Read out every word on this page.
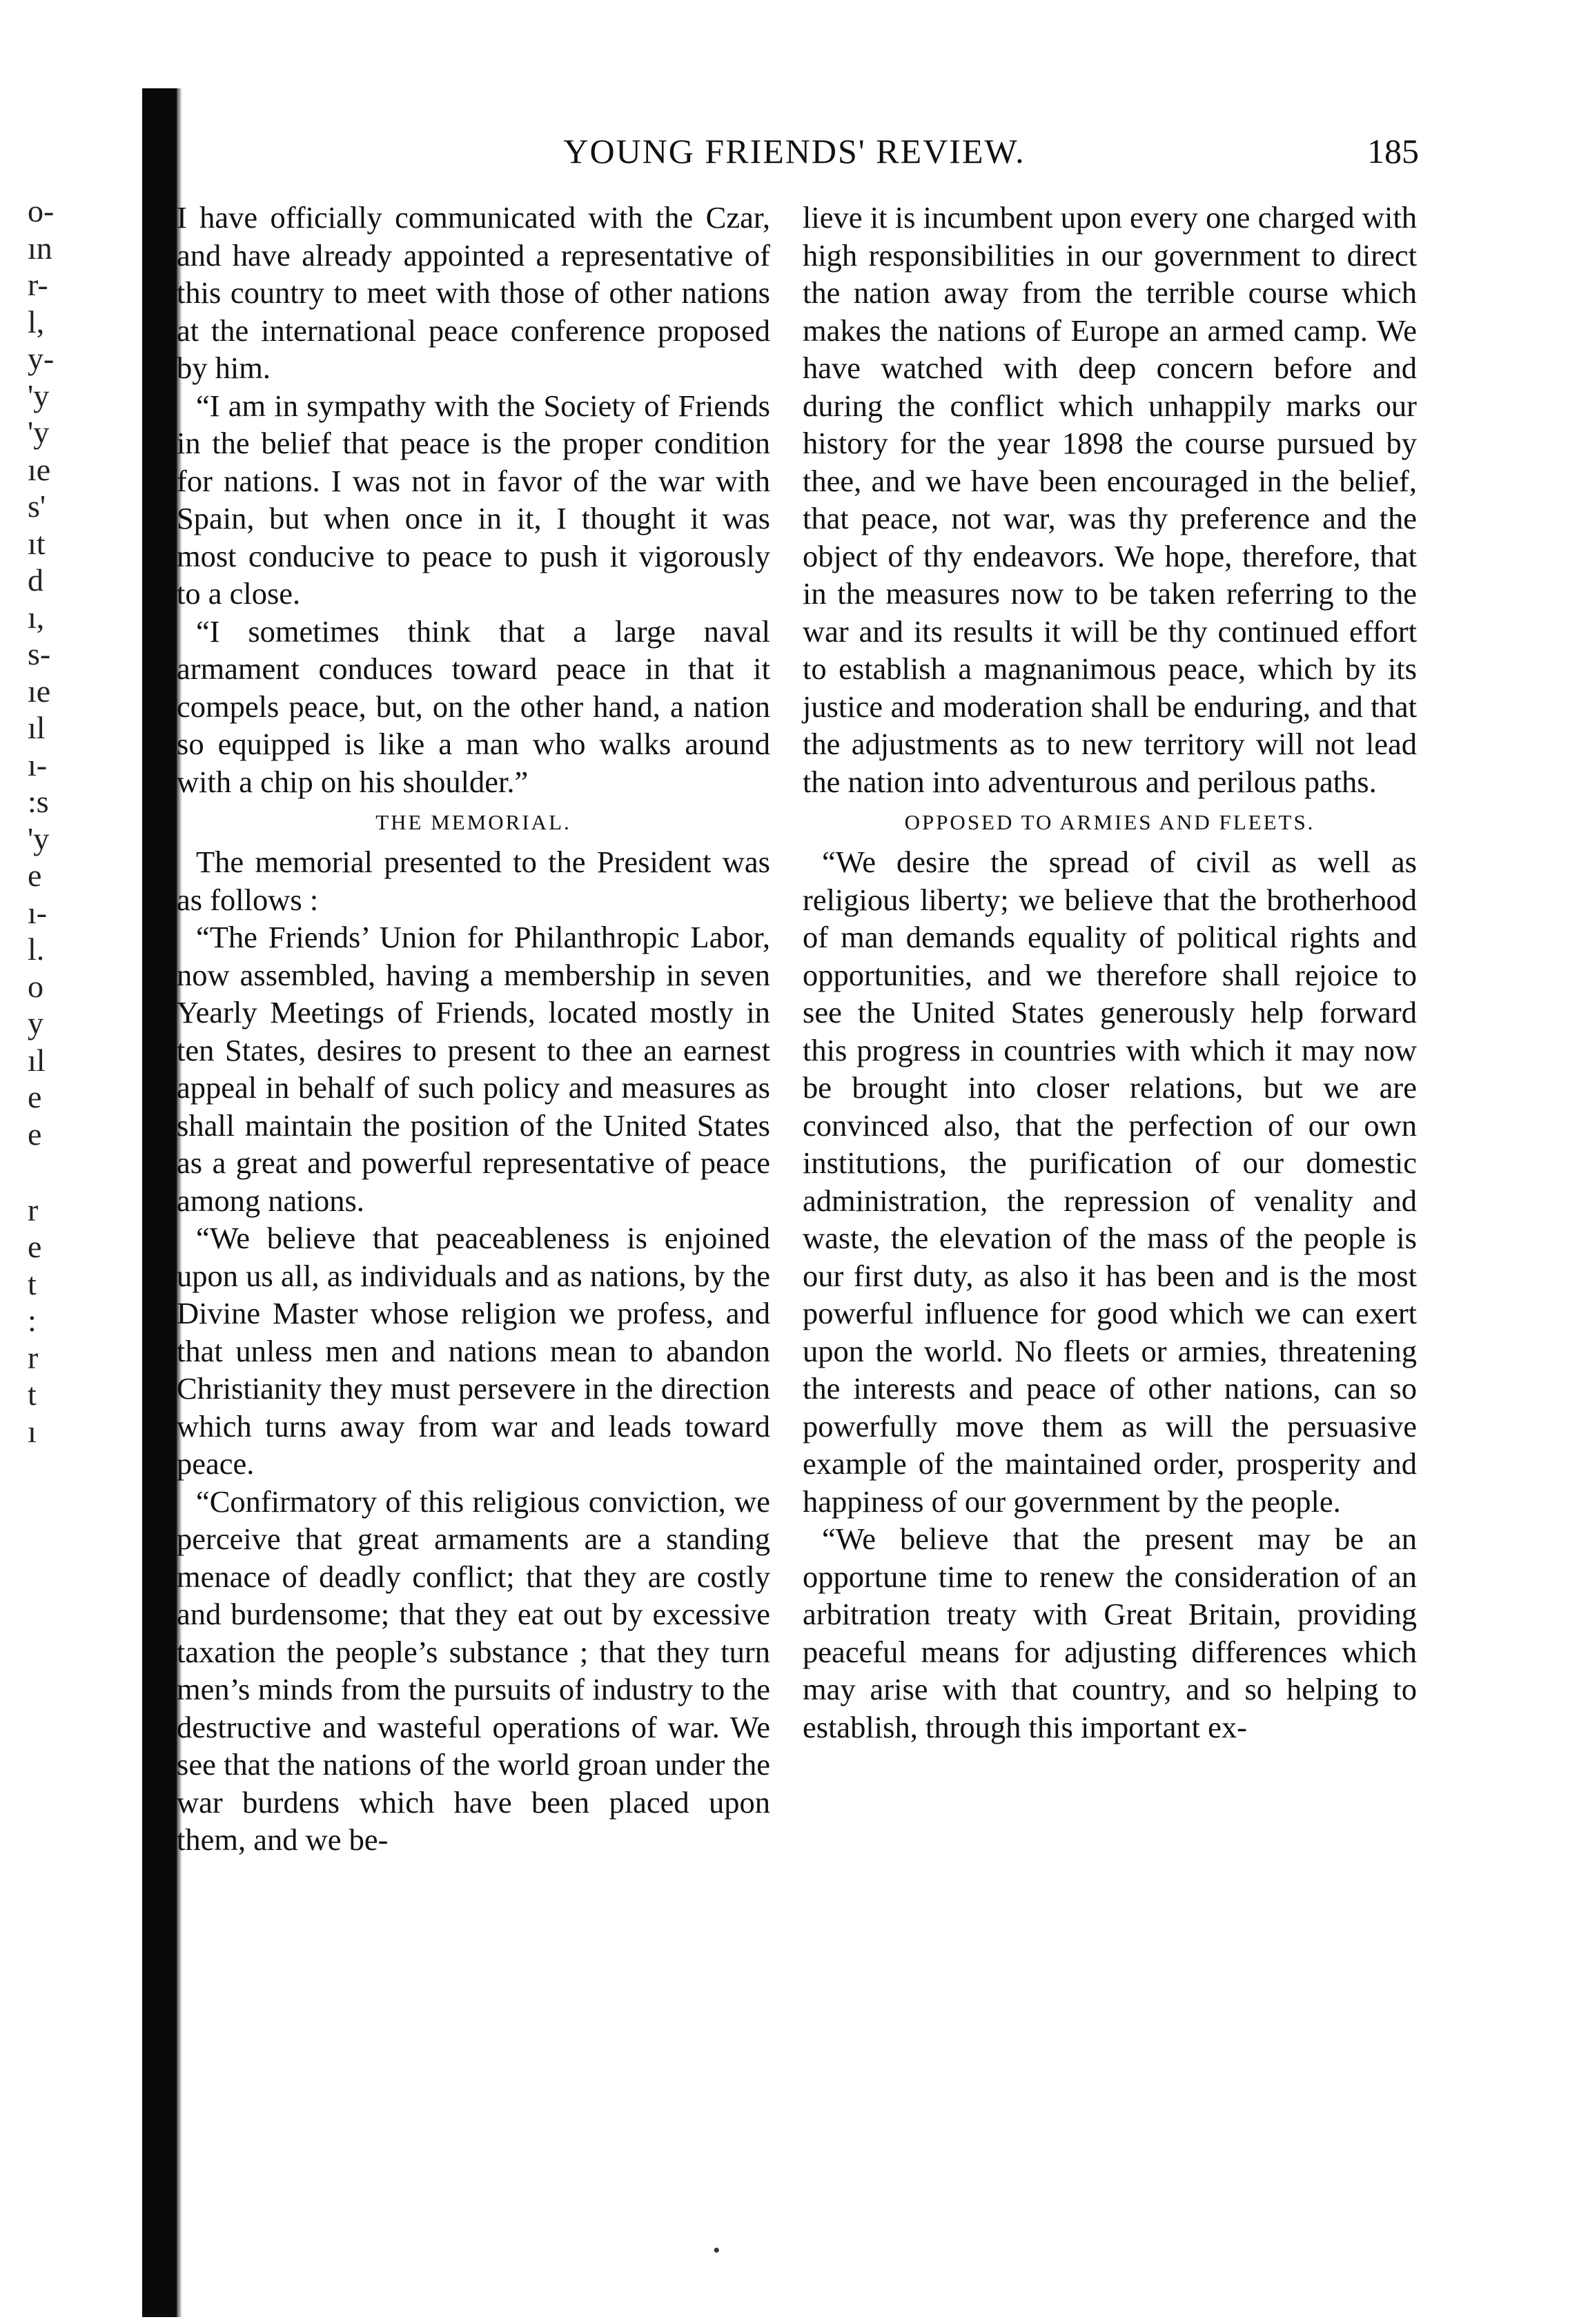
o-
ın
r-
l,
y-
'y
'y
ıe
s'
ıt
d
ı,
s-
ıe
ıl
ı-
:s
'y
e
ı-
l.
o
y
ıl
e
e
r
e
t
:
r
t
ı
YOUNG FRIENDS' REVIEW.	185

I have officially communicated with the Czar, and have already appointed a representative of this country to meet with those of other nations at the international peace conference proposed by him.

“I am in sympathy with the Society of Friends in the belief that peace is the proper condition for nations. I was not in favor of the war with Spain, but when once in it, I thought it was most conducive to peace to push it vigorously to a close.

“I sometimes think that a large naval armament conduces toward peace in that it compels peace, but, on the other hand, a nation so equipped is like a man who walks around with a chip on his shoulder.”

THE MEMORIAL.

The memorial presented to the President was as follows :

“The Friends’ Union for Philanthropic Labor, now assembled, having a membership in seven Yearly Meetings of Friends, located mostly in ten States, desires to present to thee an earnest appeal in behalf of such policy and measures as shall maintain the position of the United States as a great and powerful representative of peace among nations.

“We believe that peaceableness is enjoined upon us all, as individuals and as nations, by the Divine Master whose religion we profess, and that unless men and nations mean to abandon Christianity they must persevere in the direction which turns away from war and leads toward peace.

“Confirmatory of this religious conviction, we perceive that great armaments are a standing menace of deadly conflict; that they are costly and burdensome; that they eat out by excessive taxation the people’s substance ; that they turn men’s minds from the pursuits of industry to the destructive and wasteful operations of war. We see that the nations of the world groan under the war burdens which have been placed upon them, and we be-

lieve it is incumbent upon every one charged with high responsibilities in our government to direct the nation away from the terrible course which makes the nations of Europe an armed camp. We have watched with deep concern before and during the conflict which unhappily marks our history for the year 1898 the course pursued by thee, and we have been encouraged in the belief, that peace, not war, was thy preference and the object of thy endeavors. We hope, therefore, that in the measures now to be taken referring to the war and its results it will be thy continued effort to establish a magnanimous peace, which by its justice and moderation shall be enduring, and that the adjustments as to new territory will not lead the nation into adventurous and perilous paths.

OPPOSED TO ARMIES AND FLEETS.

“We desire the spread of civil as well as religious liberty; we believe that the brotherhood of man demands equality of political rights and opportunities, and we therefore shall rejoice to see the United States generously help forward this progress in countries with which it may now be brought into closer relations, but we are convinced also, that the perfection of our own institutions, the purification of our domestic administration, the repression of venality and waste, the elevation of the mass of the people is our first duty, as also it has been and is the most powerful influence for good which we can exert upon the world. No fleets or armies, threatening the interests and peace of other nations, can so powerfully move them as will the persuasive example of the maintained order, prosperity and happiness of our government by the people.

“We believe that the present may be an opportune time to renew the consideration of an arbitration treaty with Great Britain, providing peaceful means for adjusting differences which may arise with that country, and so helping to establish, through this important ex-

•
